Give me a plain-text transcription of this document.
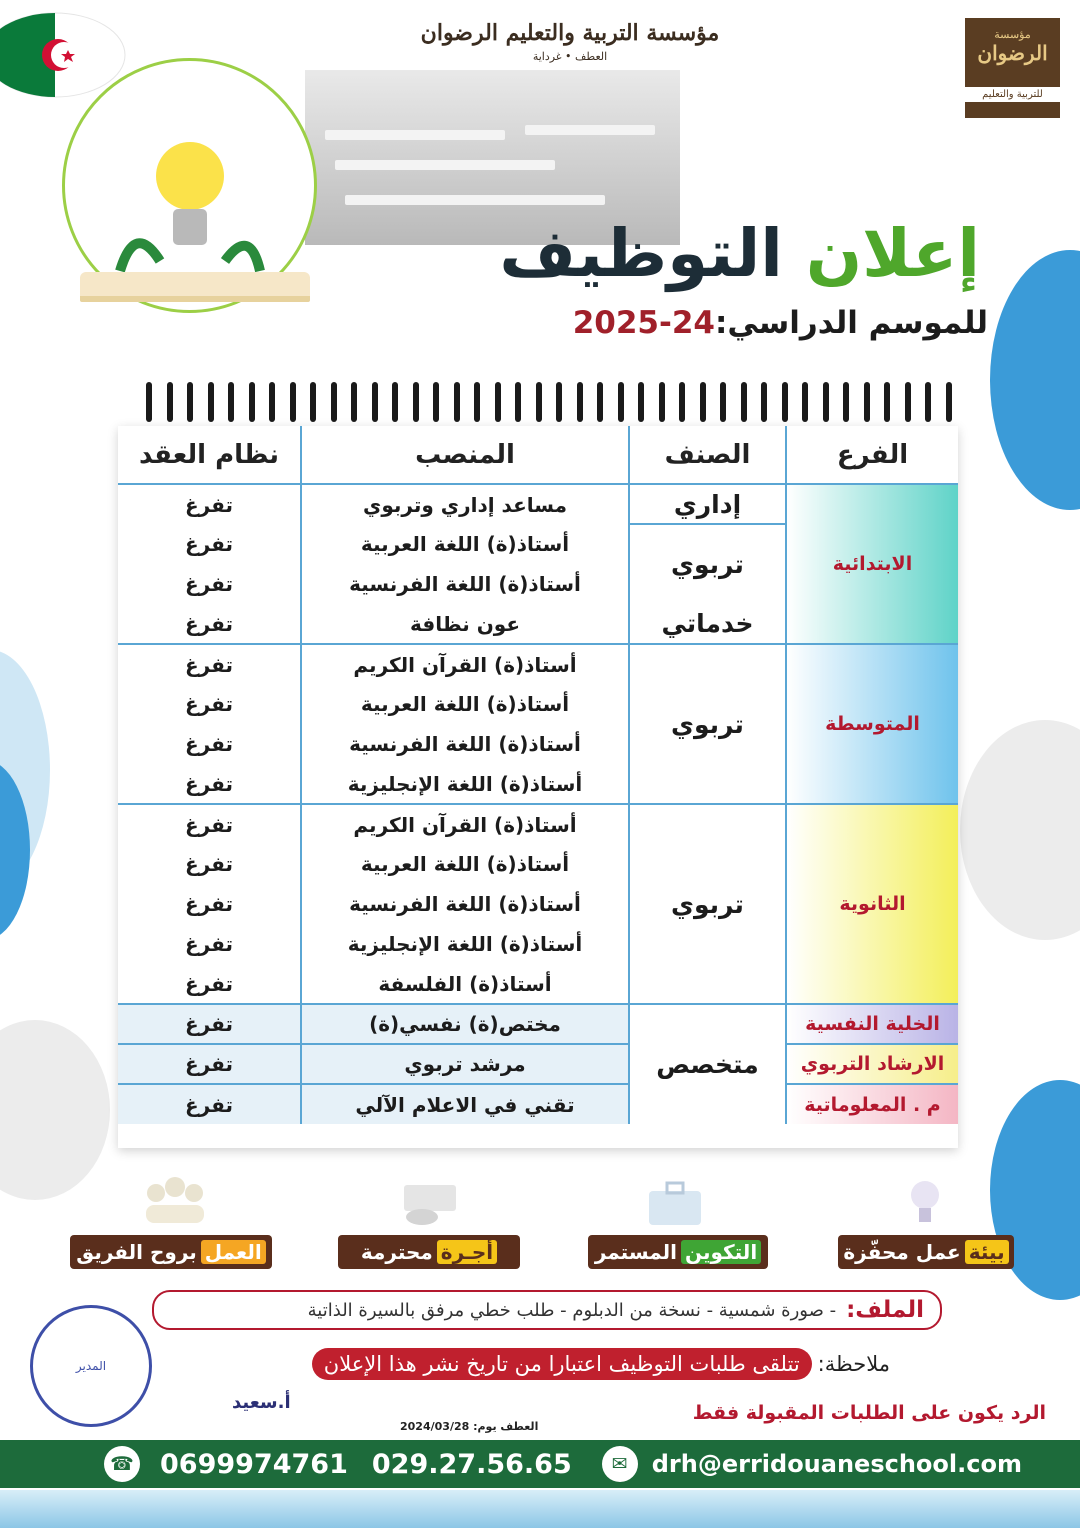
مؤسسة التربية والتعليم الرضوان
العطف • غرداية
مؤسسة
الرضوان
للتربية والتعليم
إعلان التوظيف
للموسم الدراسي:24-2025
الفرع	الصنف	المنصب	نظام العقد
الابتدائية	إداري	مساعد إداري وتربوي	تفرغ
	تربوي	أستاذ(ة) اللغة العربية	تفرغ
		أستاذ(ة) اللغة الفرنسية	تفرغ
	خدماتي	عون نظافة	تفرغ
المتوسطة	تربوي	أستاذ(ة) القرآن الكريم	تفرغ
		أستاذ(ة) اللغة العربية	تفرغ
		أستاذ(ة) اللغة الفرنسية	تفرغ
		أستاذ(ة) اللغة الإنجليزية	تفرغ
الثانوية	تربوي	أستاذ(ة) القرآن الكريم	تفرغ
		أستاذ(ة) اللغة العربية	تفرغ
		أستاذ(ة) اللغة الفرنسية	تفرغ
		أستاذ(ة) اللغة الإنجليزية	تفرغ
		أستاذ(ة) الفلسفة	تفرغ
الخلية النفسية	متخصص	مختص(ة) نفسي(ة)	تفرغ
الارشاد التربوي		مرشد تربوي	تفرغ
م . المعلوماتية		تقني في الاعلام الآلي	تفرغ
بيئة
عمل محفّزة
التكوين
المستمر
أجـرة
محترمة
العمل
بروح الفريق
الملف:
- صورة شمسية - نسخة من الدبلوم - طلب خطي مرفق بالسيرة الذاتية
ملاحظة:
تتلقى طلبات التوظيف اعتبارا من تاريخ نشر هذا الإعلان
الرد يكون على الطلبات المقبولة فقط
المدير
أ.سعيد
العطف يوم: 2024/03/28
☎ 0699974761 029.27.56.65	✉	drh@erridouaneschool.com
